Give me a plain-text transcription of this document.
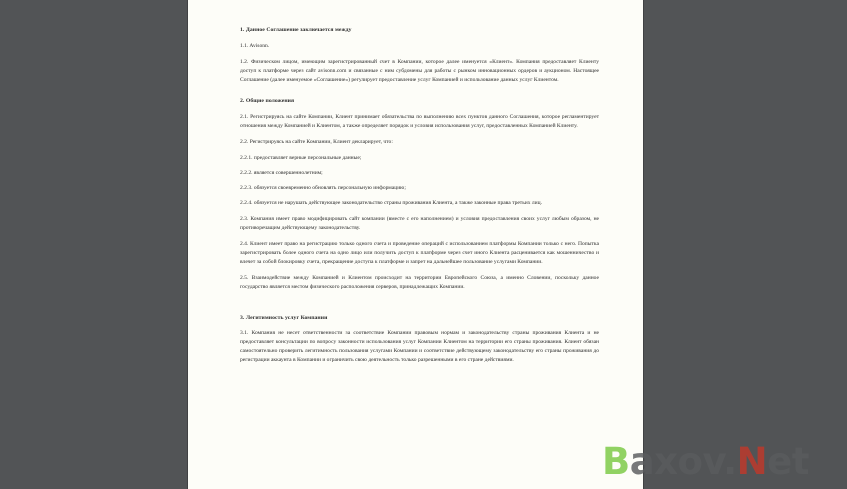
1. Данное Соглашение заключается между

1.1. Avisonn.

1.2. Физическом лицом, имеющим зарегистрированный счет в Компании, которое далее именуется «Клиент». Компания предоставляет Клиенту доступ к платформе через сайт avisonn.com и связанные с ним субдомены для работы с рынком инновационных ордеров и аукционом. Настоящее Соглашение (далее именуемое «Соглашение») регулирует предоставление услуг Компанией и использование данных услуг Клиентом.

2. Общие положения

2.1. Регистрируясь на сайте Компании, Клиент принимает обязательства по выполнению всех пунктов данного Соглашения, которое регламентирует отношения между Компанией и Клиентом, а также определяет порядок и условия использования услуг, предоставленных Компанией Клиенту.

2.2. Регистрируясь на сайте Компании, Клиент декларирует, что:

2.2.1. предоставляет верные персональные данные;

2.2.2. является совершеннолетним;

2.2.3. обязуется своевременно обновлять персональную информацию;

2.2.4. обязуется не нарушать действующее законодательство страны проживания Клиента, а также законные права третьих лиц.

2.3. Компания имеет право модифицировать сайт компании (вместе с его наполнением) и условия предоставления своих услуг любым образом, не противоречащим действующему законодательству.

2.4. Клиент имеет право на регистрацию только одного счета и проведение операций с использованием платформы Компании только с него. Попытка зарегистрировать более одного счета на одно лицо или получить доступ к платформе через счет иного Клиента расценивается как мошенничество и влечет за собой блокировку счета, прекращение доступа к платформе и запрет на дальнейшее пользование услугами Компании.

2.5. Взаимодействие между Компанией и Клиентом происходит на территории Европейского Союза, а именно Словении, поскольку данное государство является местом физического расположения серверов, принадлежащих Компании.

3. Легитимность услуг Компании

3.1. Компания не несет ответственности за соответствие Компании правовым нормам и законодательству страны проживания Клиента и не предоставляет консультации по вопросу законности использования услуг Компании Клиентом на территории его страны проживания. Клиент обязан самостоятельно проверить легитимность пользования услугами Компании и соответствие действующему законодательству его страны проживания до регистрации аккаунта в Компании и ограничить свою деятельность только разрешенными в его стране действиями.

Baxov.Net
